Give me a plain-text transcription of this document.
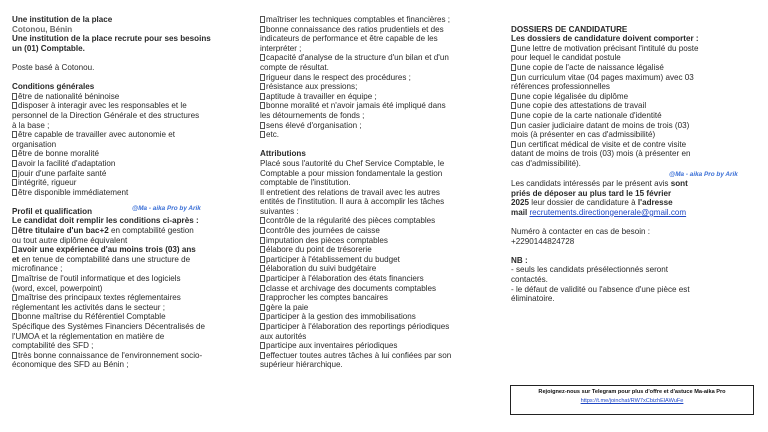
Une institution de la place
Cotonou, Bénin
Une institution de la place recrute pour ses besoins
un (01) Comptable.
Poste basé à Cotonou.
Conditions générales
être de nationalité béninoise
disposer à interagir avec les responsables et le
personnel de la Direction Générale et des structures
à la base ;
être capable de travailler avec autonomie et
organisation
être de bonne moralité
avoir la facilité d'adaptation
jouir d'une parfaite santé
intégrité, rigueur
être disponible immédiatement
Profil et qualification	@Ma - aika Pro by Arik
Le candidat doit remplir les conditions ci-après :
être titulaire d'un bac+2 en comptabilité gestion
ou tout autre diplôme équivalent
avoir une expérience d'au moins trois (03) ans
et en tenue de comptabilité dans une structure de
microfinance ;
maîtrise de l'outil informatique et des logiciels
(word, excel, powerpoint)
maîtrise des principaux textes réglementaires
réglementant les activités dans le secteur ;
bonne maîtrise du Référentiel Comptable
Spécifique des Systèmes Financiers Décentralisés de
l'UMOA et la réglementation en matière de
comptabilité des SFD ;
très bonne connaissance de l'environnement socio-
économique des SFD au Bénin ;
maîtriser les techniques comptables et financières ;
bonne connaissance des ratios prudentiels et des
indicateurs de performance et être capable de les
interpréter ;
capacité d'analyse de la structure d'un bilan et d'un
compte de résultat.
rigueur dans le respect des procédures ;
résistance aux pressions;
aptitude à travailler en équipe ;
bonne moralité et n'avoir jamais été impliqué dans
les détournements de fonds ;
sens élevé d'organisation ;
etc.
Attributions
Placé sous l'autorité du Chef Service Comptable, le
Comptable a pour mission fondamentale la gestion
comptable de l'institution.
Il entretient des relations de travail avec les autres
entités de l'institution. Il aura à accomplir les tâches
suivantes :
contrôle de la régularité des pièces comptables
contrôle des journées de caisse
imputation des pièces comptables
élabore du point de trésorerie
participer à l'établissement du budget
élaboration du suivi budgétaire
participer à l'élaboration des états financiers
classe et archivage des documents comptables
rapprocher les comptes bancaires
gère la paie
participer à la gestion des immobilisations
participer à l'élaboration des reportings périodiques
aux autorités
participe aux inventaires périodiques
effectuer toutes autres tâches à lui confiées par son
supérieur hiérarchique.
DOSSIERS DE CANDIDATURE
Les dossiers de candidature doivent comporter :
une lettre de motivation précisant l'intitulé du poste
pour lequel le candidat postule
une copie de l'acte de naissance légalisé
un curriculum vitae (04 pages maximum) avec 03
références professionnelles
une copie légalisée du diplôme
une copie des attestations de travail
une copie de la carte nationale d'identité
un casier judiciaire datant de moins de trois (03)
mois (à présenter en cas d'admissibilité)
un certificat médical de visite et de contre visite
datant de moins de trois (03) mois (à présenter en
cas d'admissibilité).
@Ma - aika Pro by Arik
Les candidats intéressés par le présent avis sont
priés de déposer au plus tard le 15 février
2025 leur dossier de candidature à l'adresse
mail recrutements.directiongenerale@gmail.com
Numéro à contacter en cas de besoin :
+2290144824728
NB :
- seuls les candidats présélectionnés seront
contactés.
- le défaut de validité ou l'absence d'une pièce est
éliminatoire.
Rejoignez-nous sur Telegram pour plus d'offre et d'astuce Ma-aika Pro
https://t.me/joinchat/RW7xCbizhElAWuFe
